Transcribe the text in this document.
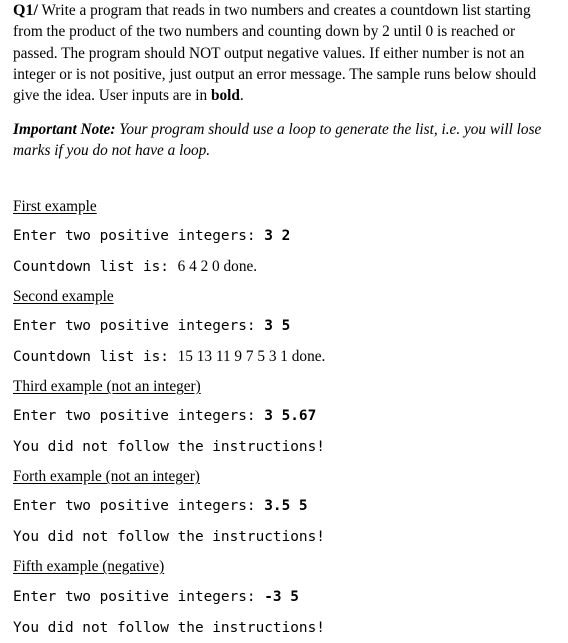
Q1/ Write a program that reads in two numbers and creates a countdown list starting from the product of the two numbers and counting down by 2 until 0 is reached or passed. The program should NOT output negative values. If either number is not an integer or is not positive, just output an error message. The sample runs below should give the idea. User inputs are in bold.
Important Note: Your program should use a loop to generate the list, i.e. you will lose marks if you do not have a loop.
First example
Enter two positive integers: 3 2
Countdown list is: 6 4 2 0 done.
Second example
Enter two positive integers: 3 5
Countdown list is: 15 13 11 9 7 5 3 1 done.
Third example (not an integer)
Enter two positive integers: 3 5.67
You did not follow the instructions!
Forth example (not an integer)
Enter two positive integers: 3.5 5
You did not follow the instructions!
Fifth example (negative)
Enter two positive integers: -3 5
You did not follow the instructions!
